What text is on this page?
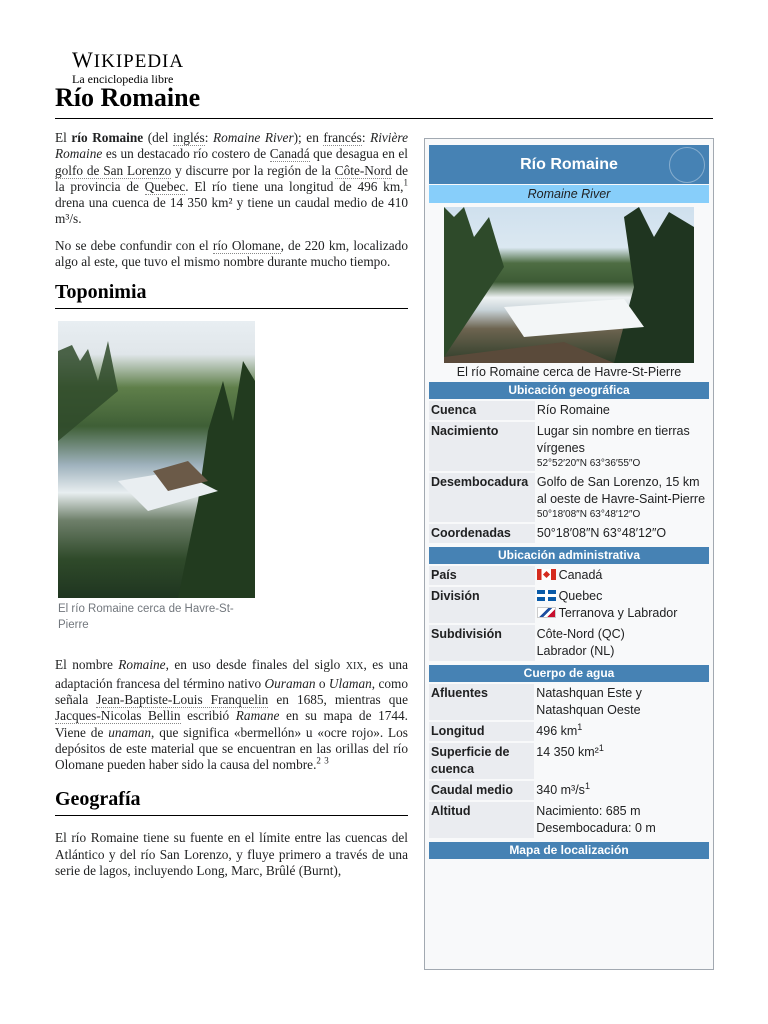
WIKIPEDIA
La enciclopedia libre
Río Romaine

El río Romaine (del inglés: Romaine River); en francés: Rivière Romaine es un destacado río costero de Canadá que desagua en el golfo de San Lorenzo y discurre por la región de la Côte-Nord de la provincia de Quebec. El río tiene una longitud de 496 km,$^1$ drena una cuenca de 14 350 km² y tiene un caudal medio de 410 m³/s.

No se debe confundir con el río Olomane, de 220 km, localizado algo al este, que tuvo el mismo nombre durante mucho tiempo.

Toponimia
El río Romaine cerca de Havre-St-Pierre

El nombre Romaine, en uso desde finales del siglo XIX, es una adaptación francesa del término nativo Ouraman o Ulaman, como señala Jean-Baptiste-Louis Franquelin en 1685, mientras que Jacques-Nicolas Bellin escribió Ramane en su mapa de 1744. Viene de unaman, que significa «bermellón» u «ocre rojo». Los depósitos de este material que se encuentran en las orillas del río Olomane pueden haber sido la causa del nombre.$^2$ $^3$

Geografía

El río Romaine tiene su fuente en el límite entre las cuencas del Atlántico y del río San Lorenzo, y fluye primero a través de una serie de lagos, incluyendo Long, Marc, Brûlé (Burnt),

Río Romaine
Romaine River
El río Romaine cerca de Havre-St-Pierre
Ubicación geográfica
Cuenca	Río Romaine

Nacimiento	Lugar sin nombre en tierras vírgenes
52°52′20″N 63°36′55″O

Desembocadura	Golfo de San Lorenzo, 15 km al oeste de Havre-Saint-Pierre
50°18′08″N 63°48′12″O

Coordenadas	50°18′08″N 63°48′12″O
Ubicación administrativa
País	Canadá

División	Quebec
Terranova y Labrador

Subdivisión	Côte-Nord (QC)
Labrador (NL)
Cuerpo de agua
Afluentes	Natashquan Este y Natashquan Oeste

Longitud	496 $km^1$

Superficie de cuenca	14 350 km²$^1$

Caudal medio	340 $m^3/s^1$

Altitud	Nacimiento: 685 m
Desembocadura: 0 m
Mapa de localización
